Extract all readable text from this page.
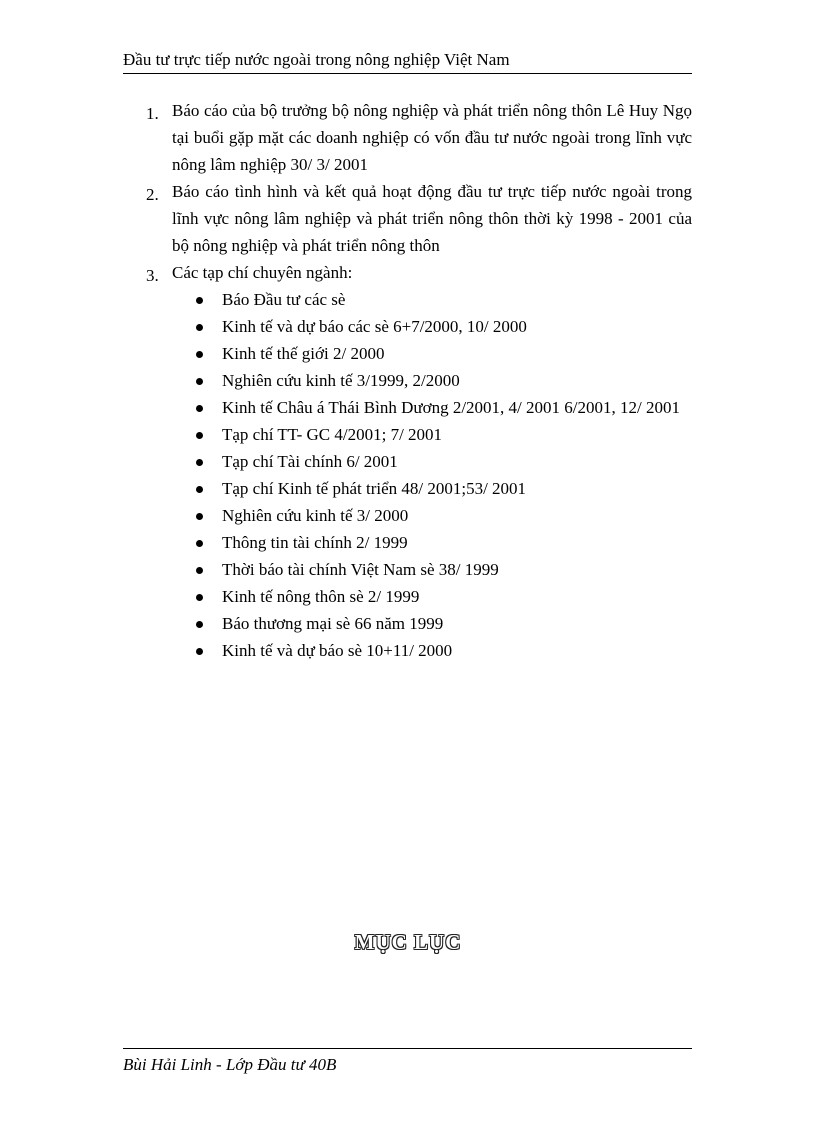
Đầu tư trực tiếp nước ngoài trong nông nghiệp Việt Nam
1. Báo cáo của bộ trưởng bộ nông nghiệp và phát triển nông thôn Lê Huy Ngọ tại buổi gặp mặt các doanh nghiệp có vốn đầu tư nước ngoài trong lĩnh vực nông lâm nghiệp 30/ 3/ 2001
2. Báo cáo tình hình và kết quả hoạt động đầu tư trực tiếp nước ngoài trong lĩnh vực nông lâm nghiệp và phát triển nông thôn thời kỳ 1998 - 2001 của bộ nông nghiệp và phát triển nông thôn
3. Các tạp chí chuyên ngành:
Báo Đầu tư các sè
Kinh tế và dự báo các sè 6+7/2000, 10/ 2000
Kinh tế thế giới 2/ 2000
Nghiên cứu kinh tế 3/1999, 2/2000
Kinh tế Châu á Thái Bình Dương 2/2001, 4/ 2001 6/2001, 12/ 2001
Tạp chí TT- GC 4/2001; 7/ 2001
Tạp chí Tài chính 6/ 2001
Tạp chí Kinh tế phát triển 48/ 2001;53/ 2001
Nghiên cứu kinh tế 3/ 2000
Thông tin tài chính 2/ 1999
Thời báo tài chính Việt Nam sè 38/ 1999
Kinh tế nông thôn sè 2/ 1999
Báo thương mại sè 66 năm 1999
Kinh tế và dự báo sè 10+11/ 2000
MỤC LỤC
Bùi Hải Linh - Lớp Đầu tư 40B
